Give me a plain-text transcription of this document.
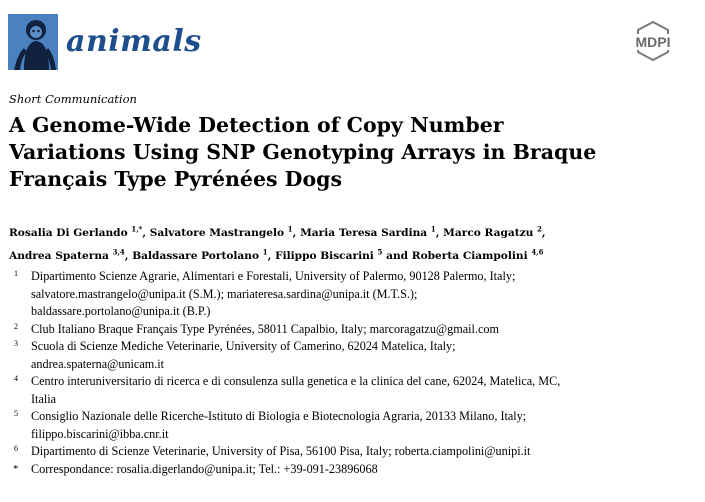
animals	MDPI
Short Communication
A Genome-Wide Detection of Copy Number
Variations Using SNP Genotyping Arrays in Braque
Français Type Pyrénées Dogs
Rosalia Di Gerlando $^{1,*}$, Salvatore Mastrangelo $^1$, Maria Teresa Sardina $^1$, Marco Ragatzu $^2$,
Andrea Spaterna $^{3,4}$, Baldassare Portolano $^1$, Filippo Biscarini $^5$ and Roberta Ciampolini $^{4,6}$
1 Dipartimento Scienze Agrarie, Alimentari e Forestali, University of Palermo, 90128 Palermo, Italy;
salvatore.mastrangelo@unipa.it (S.M.); mariateresa.sardina@unipa.it (M.T.S.);
baldassare.portolano@unipa.it (B.P.)
2 Club Italiano Braque Français Type Pyrénées, 58011 Capalbio, Italy; marcoragatzu@gmail.com
3 Scuola di Scienze Mediche Veterinarie, University of Camerino, 62024 Matelica, Italy;
andrea.spaterna@unicam.it
4 Centro interuniversitario di ricerca e di consulenza sulla genetica e la clinica del cane, 62024, Matelica, MC,
Italia
5 Consiglio Nazionale delle Ricerche-Istituto di Biologia e Biotecnologia Agraria, 20133 Milano, Italy;
filippo.biscarini@ibba.cnr.it
6 Dipartimento di Scienze Veterinarie, University of Pisa, 56100 Pisa, Italy; roberta.ciampolini@unipi.it
* Correspondance: rosalia.digerlando@unipa.it; Tel.: +39-091-23896068
